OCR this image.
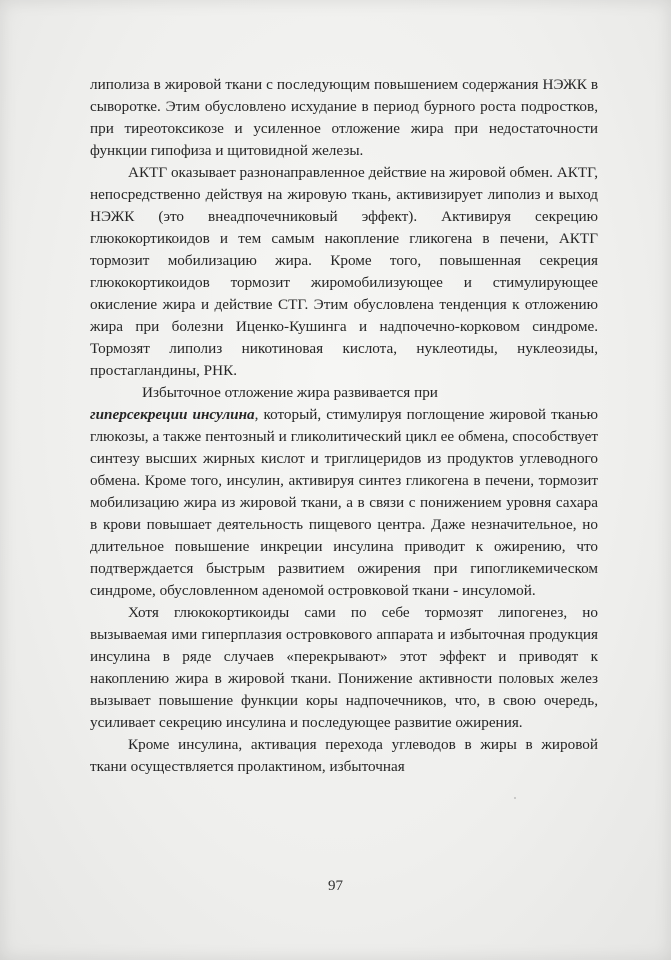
липолиза в жировой ткани с последующим повышением содержания НЭЖК в сыворотке. Этим обусловлено исхудание в период бурного роста подростков, при тиреотоксикозе и усиленное отложение жира при недостаточности функции гипофиза и щитовидной железы.

АКТГ оказывает разнонаправленное действие на жировой обмен. АКТГ, непосредственно действуя на жировую ткань, активизирует липолиз и выход НЭЖК (это внеадпочечниковый эффект). Активируя секрецию глюкокортикоидов и тем самым накопление гликогена в печени, АКТГ тормозит мобилизацию жира. Кроме того, повышенная секреция глюкокортикоидов тормозит жиромобилизующее и стимулирующее окисление жира и действие СТГ. Этим обусловлена тенденция к отложению жира при болезни Иценко-Кушинга и надпочечно-корковом синдроме. Тормозят липолиз никотиновая кислота, нуклеотиды, нуклеозиды, простагландины, РНК.

Избыточное отложение жира развивается при
гиперсекреции инсулина, который, стимулируя поглощение жировой тканью глюкозы, а также пентозный и гликолитический цикл ее обмена, способствует синтезу высших жирных кислот и триглицеридов из продуктов углеводного обмена. Кроме того, инсулин, активируя синтез гликогена в печени, тормозит мобилизацию жира из жировой ткани, а в связи с понижением уровня сахара в крови повышает деятельность пищевого центра. Даже незначительное, но длительное повышение инкреции инсулина приводит к ожирению, что подтверждается быстрым развитием ожирения при гипогликемическом синдроме, обусловленном аденомой островковой ткани - инсуломой.

Хотя глюкокортикоиды сами по себе тормозят липогенез, но вызываемая ими гиперплазия островкового аппарата и избыточная продукция инсулина в ряде случаев «перекрывают» этот эффект и приводят к накоплению жира в жировой ткани. Понижение активности половых желез вызывает повышение функции коры надпочечников, что, в свою очередь, усиливает секрецию инсулина и последующее развитие ожирения.

Кроме инсулина, активация перехода углеводов в жиры в жировой ткани осуществляется пролактином, избыточная

97
